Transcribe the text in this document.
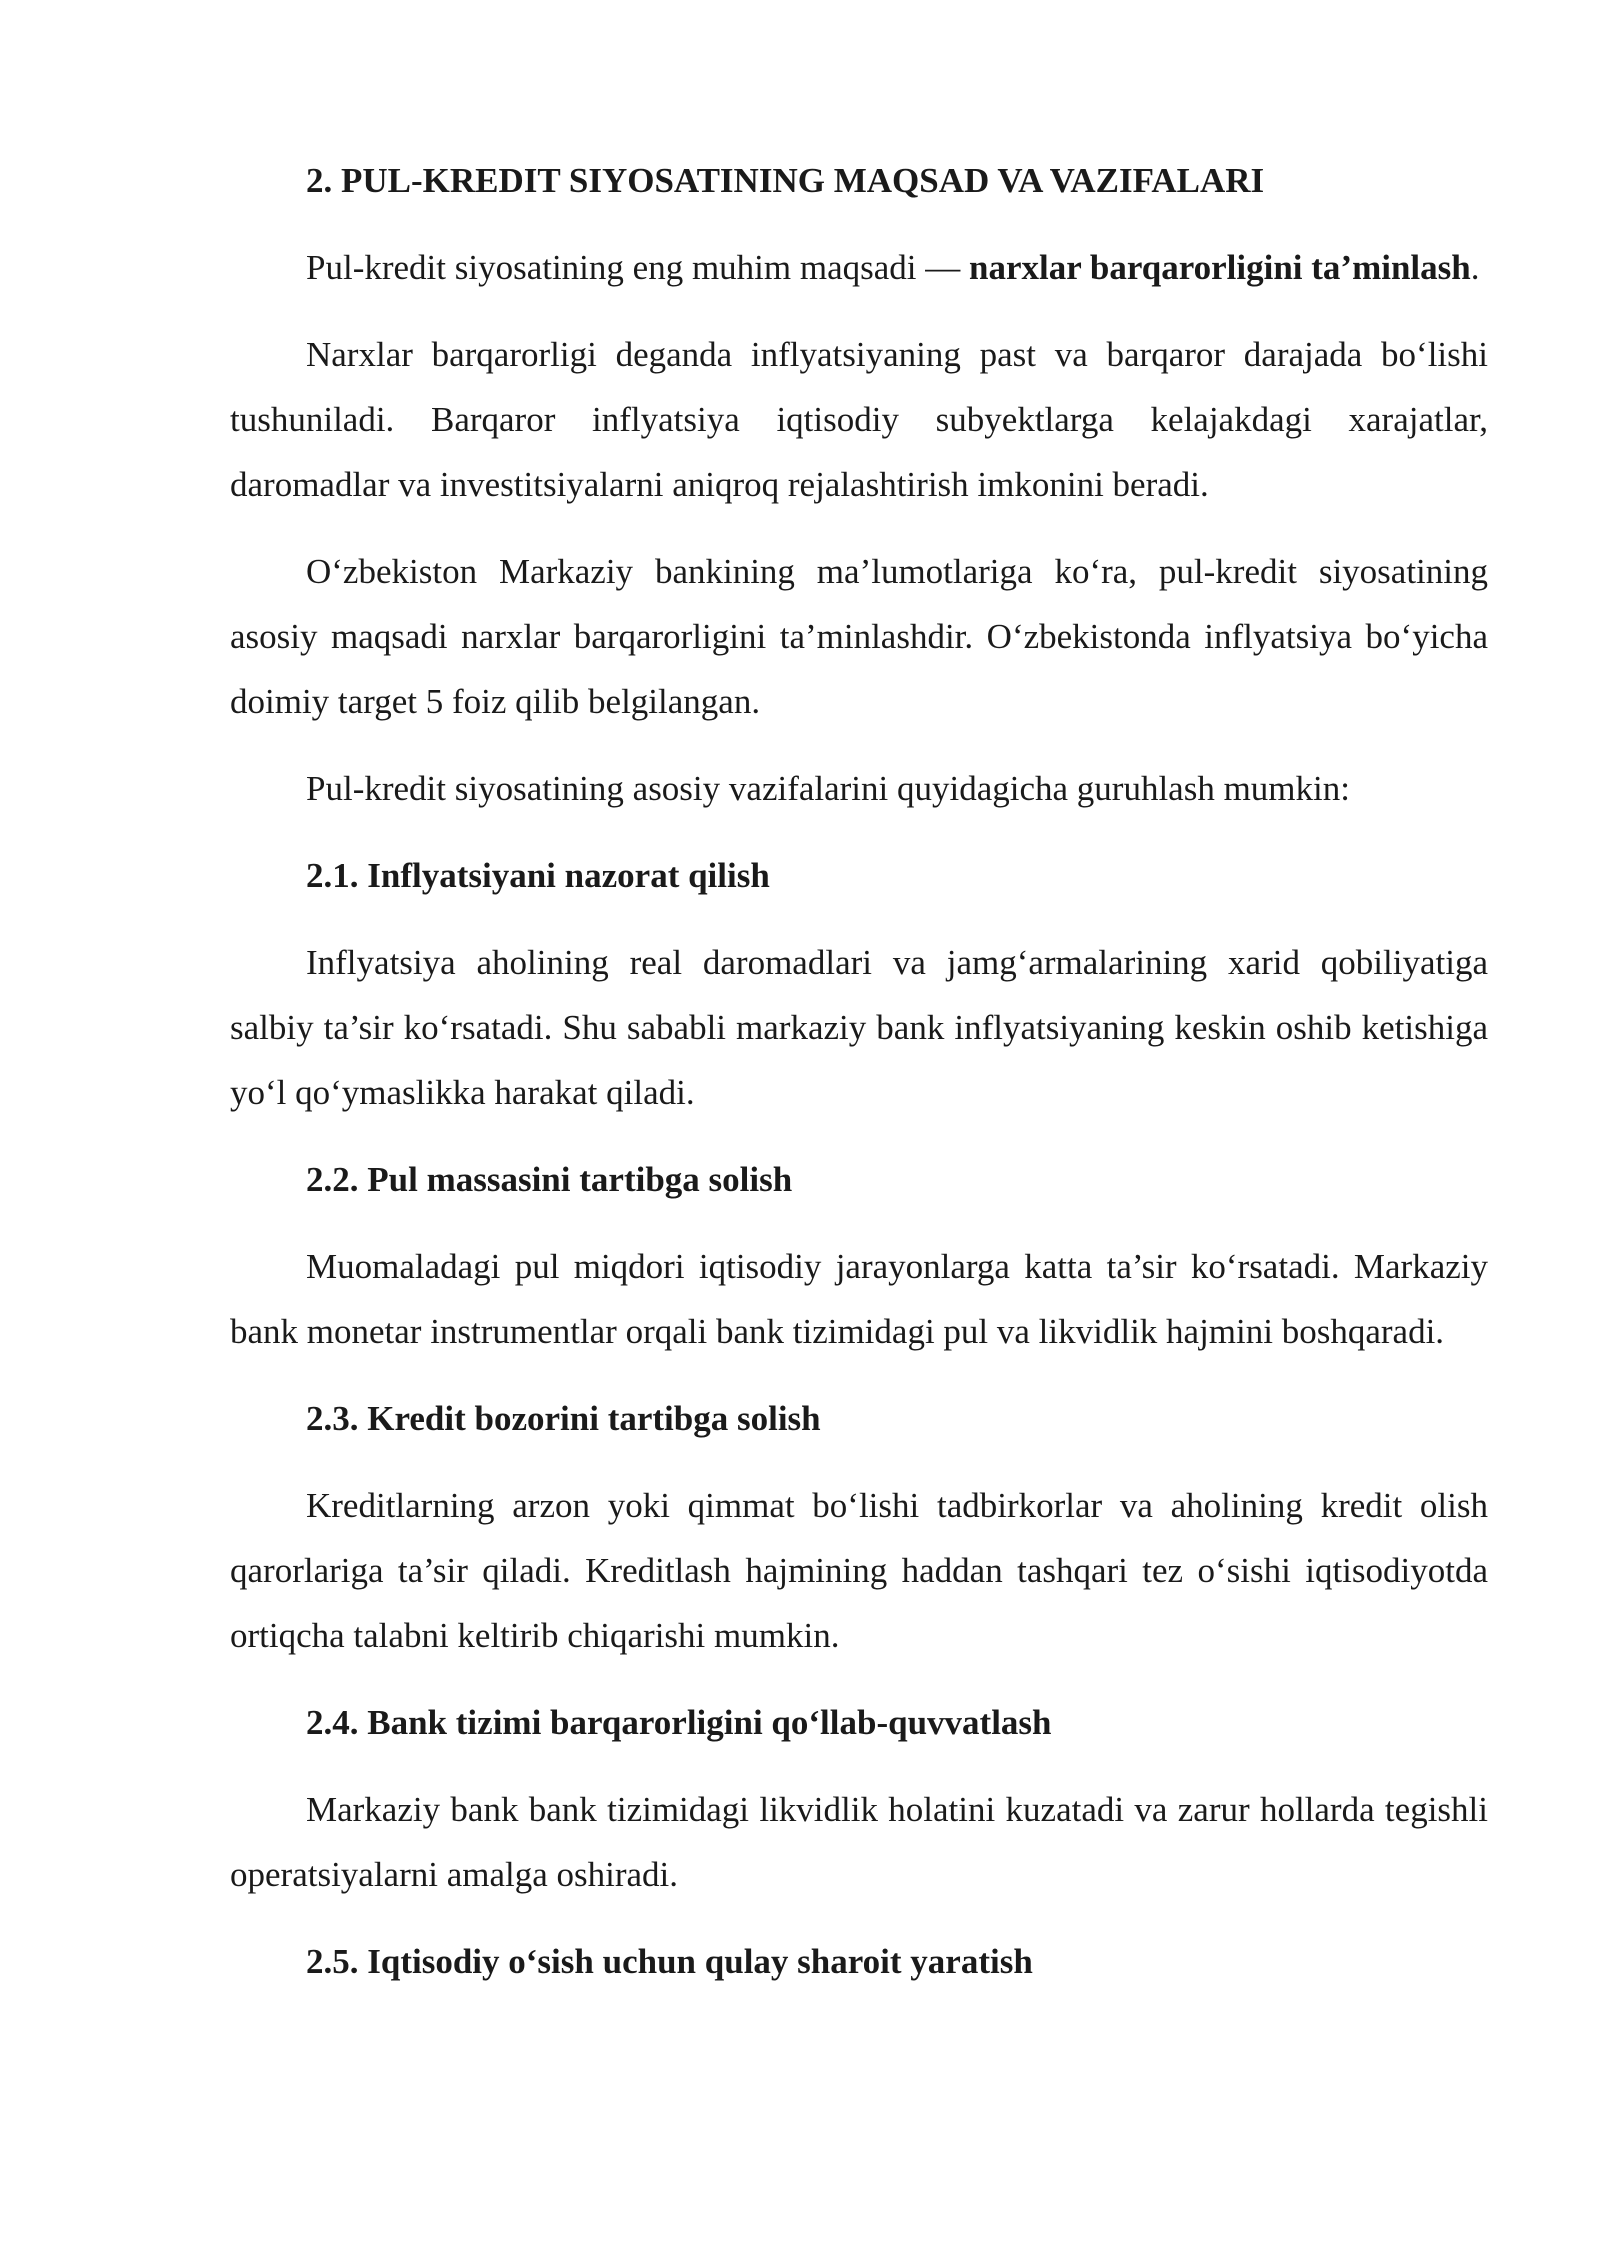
2. PUL-KREDIT SIYOSATINING MAQSAD VA VAZIFALARI

Pul-kredit siyosatining eng muhim maqsadi — narxlar barqarorligini ta’minlash.

Narxlar barqarorligi deganda inflyatsiyaning past va barqaror darajada bo‘lishi tushuniladi. Barqaror inflyatsiya iqtisodiy subyektlarga kelajakdagi xarajatlar, daromadlar va investitsiyalarni aniqroq rejalashtirish imkonini beradi.

O‘zbekiston Markaziy bankining ma’lumotlariga ko‘ra, pul-kredit siyosatining asosiy maqsadi narxlar barqarorligini ta’minlashdir. O‘zbekistonda inflyatsiya bo‘yicha doimiy target 5 foiz qilib belgilangan.

Pul-kredit siyosatining asosiy vazifalarini quyidagicha guruhlash mumkin:

2.1. Inflyatsiyani nazorat qilish

Inflyatsiya aholining real daromadlari va jamg‘armalarining xarid qobiliyatiga salbiy ta’sir ko‘rsatadi. Shu sababli markaziy bank inflyatsiyaning keskin oshib ketishiga yo‘l qo‘ymaslikka harakat qiladi.

2.2. Pul massasini tartibga solish

Muomaladagi pul miqdori iqtisodiy jarayonlarga katta ta’sir ko‘rsatadi. Markaziy bank monetar instrumentlar orqali bank tizimidagi pul va likvidlik hajmini boshqaradi.

2.3. Kredit bozorini tartibga solish

Kreditlarning arzon yoki qimmat bo‘lishi tadbirkorlar va aholining kredit olish qarorlariga ta’sir qiladi. Kreditlash hajmining haddan tashqari tez o‘sishi iqtisodiyotda ortiqcha talabni keltirib chiqarishi mumkin.

2.4. Bank tizimi barqarorligini qo‘llab-quvvatlash

Markaziy bank bank tizimidagi likvidlik holatini kuzatadi va zarur hollarda tegishli operatsiyalarni amalga oshiradi.

2.5. Iqtisodiy o‘sish uchun qulay sharoit yaratish
